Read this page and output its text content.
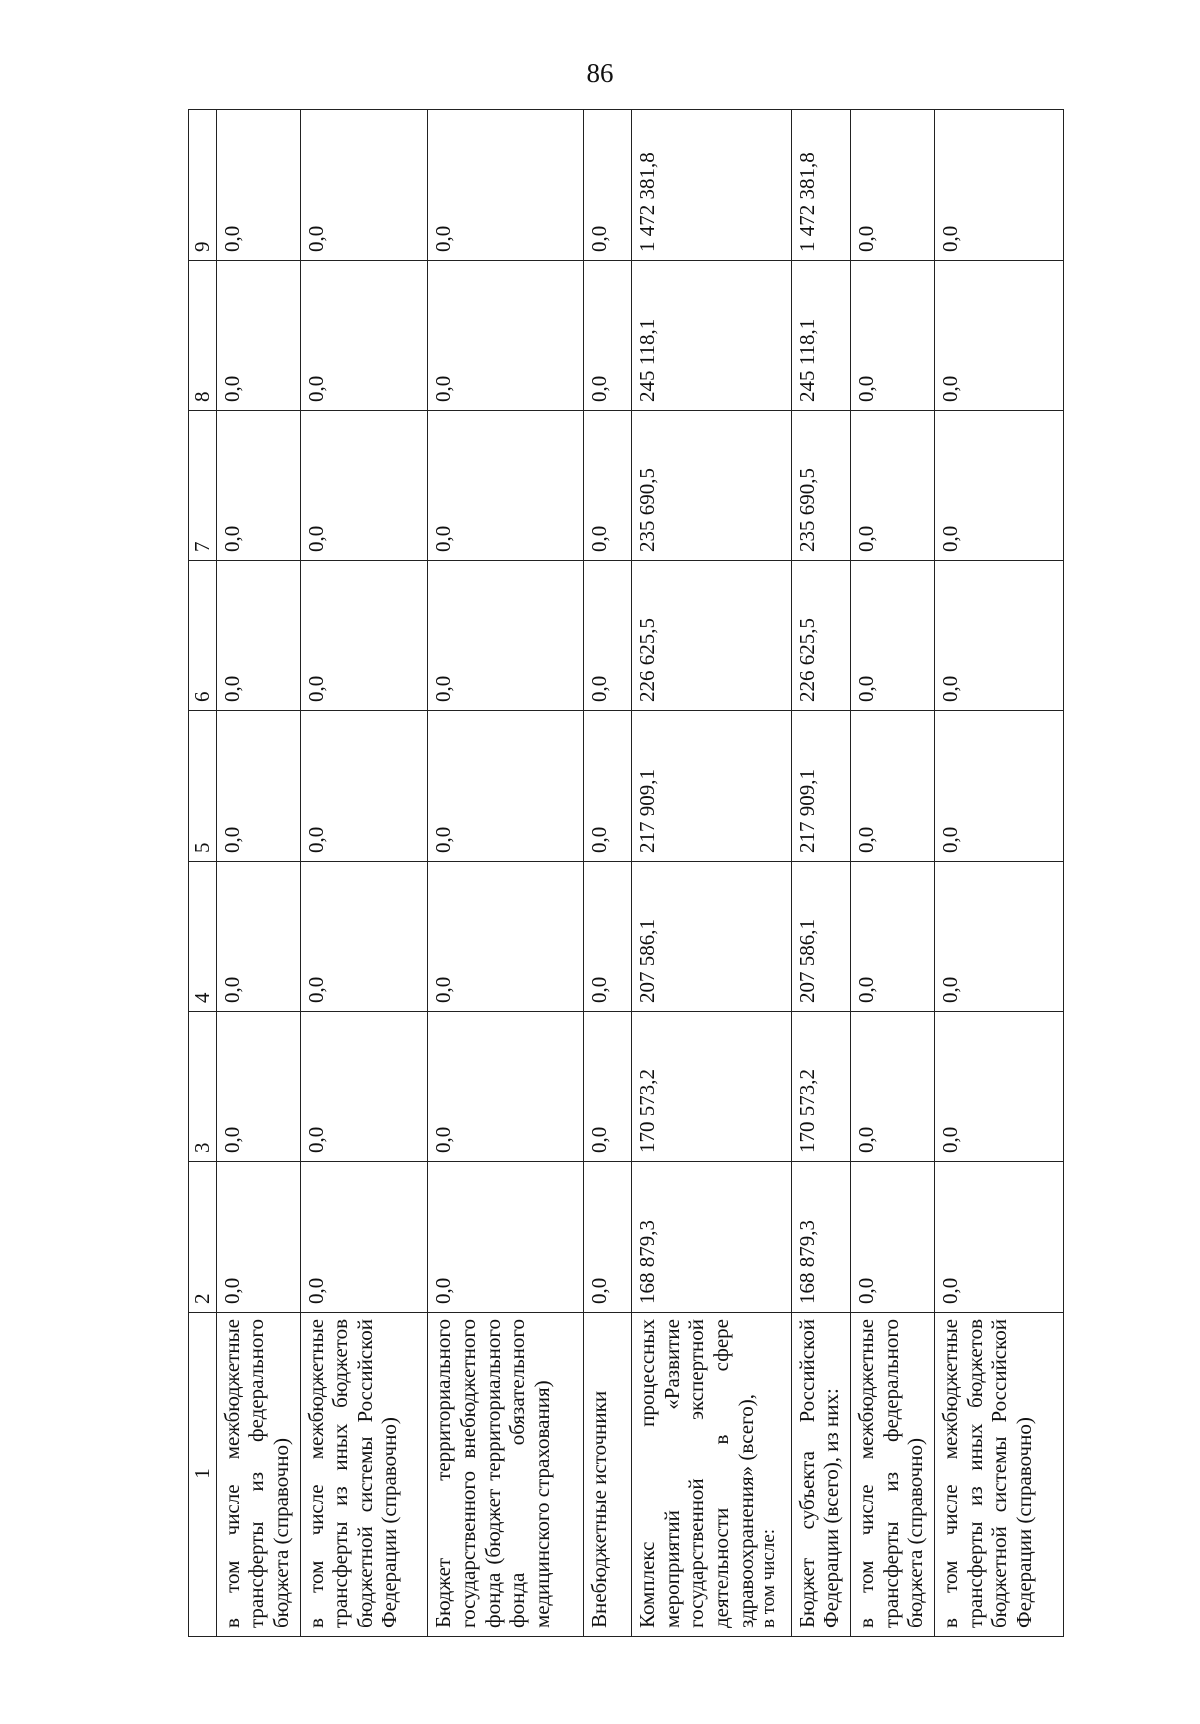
86
1	2	3	4	5	6	7	8	9
в том числе межбюджетные трансферты из федерального бюджета (справочно)	0,0	0,0	0,0	0,0	0,0	0,0	0,0	0,0
в том числе межбюджетные трансферты из иных бюджетов бюджетной системы Российской Федерации (справочно)	0,0	0,0	0,0	0,0	0,0	0,0	0,0	0,0
Бюджет территориального государственного внебюджетного фонда (бюджет территориального фонда обязательного медицинского страхования)	0,0	0,0	0,0	0,0	0,0	0,0	0,0	0,0
Внебюджетные источники	0,0	0,0	0,0	0,0	0,0	0,0	0,0	0,0

Комплекс процессных мероприятий «Развитие государственной экспертной деятельности в сфере здравоохранения» (всего), в том числе:	168 879,3	170 573,2	207 586,1	217 909,1	226 625,5	235 690,5	245 118,1	1 472 381,8
Бюджет субъекта Российской Федерации (всего), из них:	168 879,3	170 573,2	207 586,1	217 909,1	226 625,5	235 690,5	245 118,1	1 472 381,8
в том числе межбюджетные трансферты из федерального бюджета (справочно)	0,0	0,0	0,0	0,0	0,0	0,0	0,0	0,0
в том числе межбюджетные трансферты из иных бюджетов бюджетной системы Российской Федерации (справочно)	0,0	0,0	0,0	0,0	0,0	0,0	0,0	0,0
